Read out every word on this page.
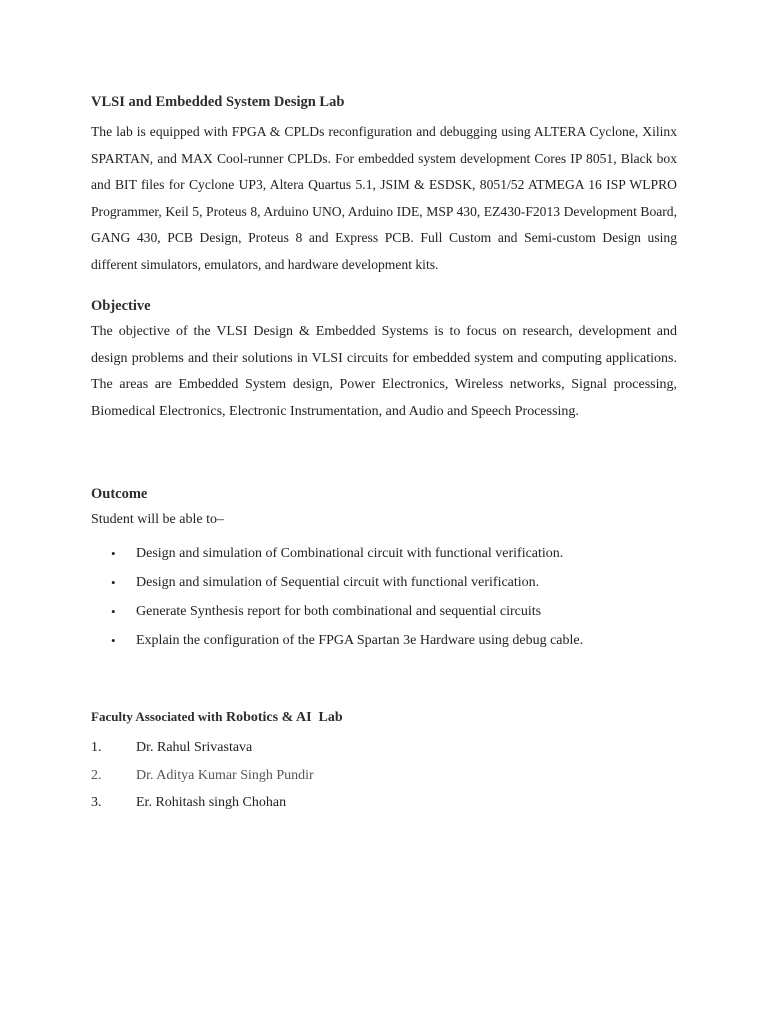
VLSI and Embedded System Design Lab

The lab is equipped with FPGA & CPLDs reconfiguration and debugging using ALTERA Cyclone, Xilinx SPARTAN, and MAX Cool-runner CPLDs. For embedded system development Cores IP 8051, Black box and BIT files for Cyclone UP3, Altera Quartus 5.1, JSIM & ESDSK, 8051/52 ATMEGA 16 ISP WLPRO Programmer, Keil 5, Proteus 8, Arduino UNO, Arduino IDE, MSP 430, EZ430-F2013 Development Board, GANG 430, PCB Design, Proteus 8 and Express PCB. Full Custom and Semi-custom Design using different simulators, emulators, and hardware development kits.

Objective

The objective of the VLSI Design & Embedded Systems is to focus on research, development and design problems and their solutions in VLSI circuits for embedded system and computing applications. The areas are Embedded System design, Power Electronics, Wireless networks, Signal processing, Biomedical Electronics, Electronic Instrumentation, and Audio and Speech Processing.

Outcome

Student will be able to–

•	Design and simulation of Combinational circuit with functional verification.
•	Design and simulation of Sequential circuit with functional verification.
•	Generate Synthesis report for both combinational and sequential circuits
•	Explain the configuration of the FPGA Spartan 3e Hardware using debug cable.
Faculty Associated with Robotics & AI  Lab
1.	Dr. Rahul Srivastava
2.	Dr. Aditya Kumar Singh Pundir
3.	Er. Rohitash singh Chohan
